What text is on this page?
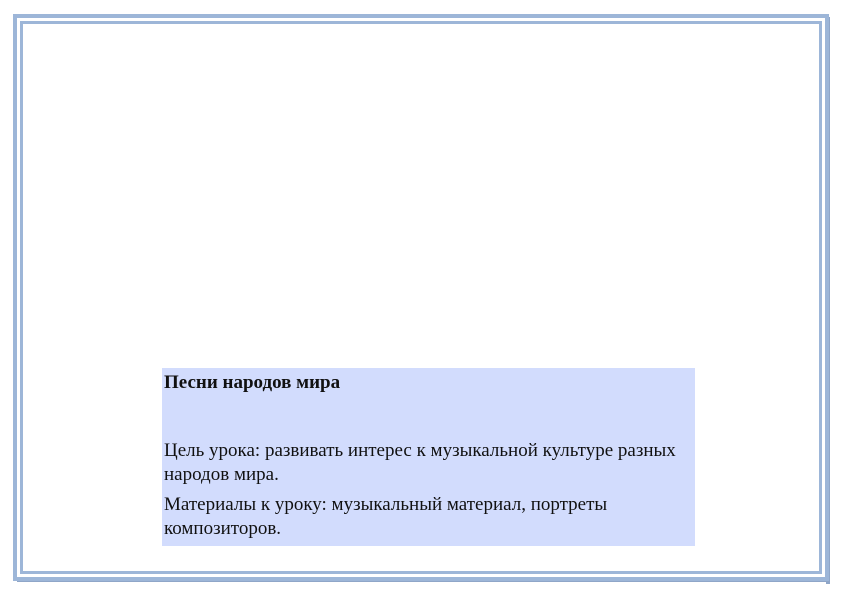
Песни народов мира

Цель урока: развивать интерес к музыкальной культуре разных народов мира.

Материалы к уроку: музыкальный материал, портреты композиторов.
